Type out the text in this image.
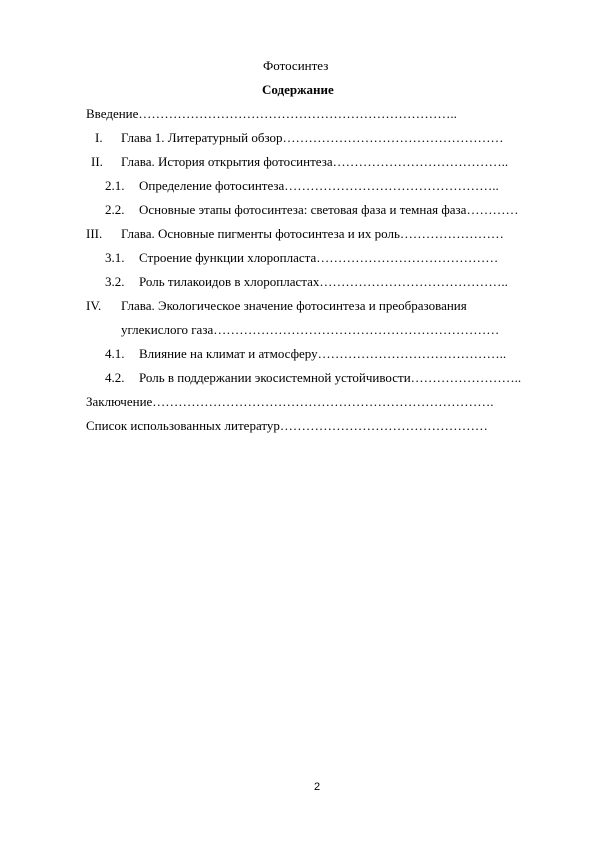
Фотосинтез
Содержание
Введение………………………………………………………………..
I. Глава 1. Литературный обзор……………………………………………
II. Глава. История открытия фотосинтеза…………………………………..
2.1. Определение фотосинтеза…………………………………………..
2.2. Основные этапы фотосинтеза: световая фаза и темная фаза…………
III. Глава. Основные пигменты фотосинтеза и их роль……………………
3.1. Строение функции хлоропласта……………………………………
3.2. Роль тилакоидов в хлоропластах……………………………………..
IV. Глава. Экологическое значение фотосинтеза и преобразования
углекислого газа…………………………………………………………
4.1. Влияние на климат и атмосферу……………………………………..
4.2. Роль в поддержании экосистемной устойчивости……………………..
Заключение…………………………………………………………………….
Список использованных литератур…………………………………………
2
